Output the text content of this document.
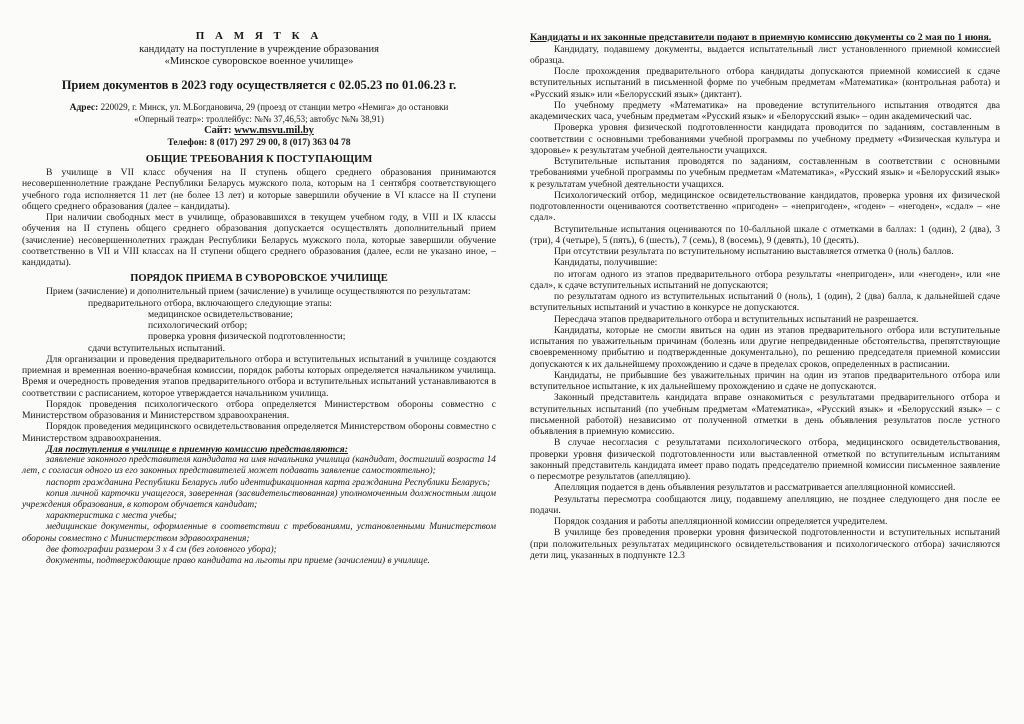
П А М Я Т К А
кандидату на поступление в учреждение образования
«Минское суворовское военное училище»
Прием документов в 2023 году осуществляется с 02.05.23 по 01.06.23 г.
Адрес: 220029, г. Минск, ул. М.Богдановича, 29 (проезд от станции метро «Немига» до остановки
«Оперный театр»: троллейбус: №№ 37,46,53; автобус №№ 38,91)
Сайт: www.msvu.mil.by
Телефон: 8 (017) 297 29 00, 8 (017) 363 04 78
ОБЩИЕ ТРЕБОВАНИЯ К ПОСТУПАЮЩИМ

В училище в VII класс обучения на II ступень общего среднего образования принимаются несовершеннолетние граждане Республики Беларусь мужского пола, которым на 1 сентября соответствующего учебного года исполняется 11 лет (не более 13 лет) и которые завершили обучение в VI классе на II ступени общего среднего образования (далее – кандидаты).

При наличии свободных мест в училище, образовавшихся в текущем учебном году, в VIII и IX классы обучения на II ступень общего среднего образования допускается осуществлять дополнительный прием (зачисление) несовершеннолетних граждан Республики Беларусь мужского пола, которые завершили обучение соответственно в VII и VIII классах на II ступени общего среднего образования (далее, если не указано иное, – кандидаты).

ПОРЯДОК ПРИЕМА В СУВОРОВСКОЕ УЧИЛИЩЕ

Прием (зачисление) и дополнительный прием (зачисление) в училище осуществляются по результатам:

предварительного отбора, включающего следующие этапы:

медицинское освидетельствование;

психологический отбор;

проверка уровня физической подготовленности;

сдачи вступительных испытаний.

Для организации и проведения предварительного отбора и вступительных испытаний в училище создаются приемная и временная военно-врачебная комиссии, порядок работы которых определяется начальником училища. Время и очередность проведения этапов предварительного отбора и вступительных испытаний устанавливаются в соответствии с расписанием, которое утверждается начальником училища.

Порядок проведения психологического отбора определяется Министерством обороны совместно с Министерством образования и Министерством здравоохранения.

Порядок проведения медицинского освидетельствования определяется Министерством обороны совместно с Министерством здравоохранения.

Для поступления в училище в приемную комиссию представляются:

заявление законного представителя кандидата на имя начальника училища (кандидат, достигший возраста 14 лет, с согласия одного из его законных представителей может подавать заявление самостоятельно);

паспорт гражданина Республики Беларусь либо идентификационная карта гражданина Республики Беларусь;

копия личной карточки учащегося, заверенная (засвидетельствованная) уполномоченным должностным лицом учреждения образования, в котором обучается кандидат;

характеристика с места учебы;

медицинские документы, оформленные в соответствии с требованиями, установленными Министерством обороны совместно с Министерством здравоохранения;

две фотографии размером 3 х 4 см (без головного убора);

документы, подтверждающие право кандидата на льготы при приеме (зачислении) в училище.

Кандидаты и их законные представители подают в приемную комиссию документы со 2 мая по 1 июня.

Кандидату, подавшему документы, выдается испытательный лист установленного приемной комиссией образца.

После прохождения предварительного отбора кандидаты допускаются приемной комиссией к сдаче вступительных испытаний в письменной форме по учебным предметам «Математика» (контрольная работа) и «Русский язык» или «Белорусский язык» (диктант).

По учебному предмету «Математика» на проведение вступительного испытания отводятся два академических часа, учебным предметам «Русский язык» и «Белорусский язык» – один академический час.

Проверка уровня физической подготовленности кандидата проводится по заданиям, составленным в соответствии с основными требованиями учебной программы по учебному предмету «Физическая культура и здоровье» к результатам учебной деятельности учащихся.

Вступительные испытания проводятся по заданиям, составленным в соответствии с основными требованиями учебной программы по учебным предметам «Математика», «Русский язык» и «Белорусский язык» к результатам учебной деятельности учащихся.

Психологический отбор, медицинское освидетельствование кандидатов, проверка уровня их физической подготовленности оцениваются соответственно «пригоден» – «непригоден», «годен» – «негоден», «сдал» – «не сдал».

Вступительные испытания оцениваются по 10-балльной шкале с отметками в баллах: 1 (один), 2 (два), 3 (три), 4 (четыре), 5 (пять), 6 (шесть), 7 (семь), 8 (восемь), 9 (девять), 10 (десять).

При отсутствии результата по вступительному испытанию выставляется отметка 0 (ноль) баллов.

Кандидаты, получившие:

по итогам одного из этапов предварительного отбора результаты «непригоден», или «негоден», или «не сдал», к сдаче вступительных испытаний не допускаются;

по результатам одного из вступительных испытаний 0 (ноль), 1 (один), 2 (два) балла, к дальнейшей сдаче вступительных испытаний и участию в конкурсе не допускаются.

Пересдача этапов предварительного отбора и вступительных испытаний не разрешается.

Кандидаты, которые не смогли явиться на один из этапов предварительного отбора или вступительные испытания по уважительным причинам (болезнь или другие непредвиденные обстоятельства, препятствующие своевременному прибытию и подтвержденные документально), по решению председателя приемной комиссии допускаются к их дальнейшему прохождению и сдаче в пределах сроков, определенных в расписании.

Кандидаты, не прибывшие без уважительных причин на один из этапов предварительного отбора или вступительное испытание, к их дальнейшему прохождению и сдаче не допускаются.

Законный представитель кандидата вправе ознакомиться с результатами предварительного отбора и вступительных испытаний (по учебным предметам «Математика», «Русский язык» и «Белорусский язык» – с письменной работой) независимо от полученной отметки в день объявления результатов после устного объявления в приемную комиссию.

В случае несогласия с результатами психологического отбора, медицинского освидетельствования, проверки уровня физической подготовленности или выставленной отметкой по вступительным испытаниям законный представитель кандидата имеет право подать председателю приемной комиссии письменное заявление о пересмотре результатов (апелляцию).

Апелляция подается в день объявления результатов и рассматривается апелляционной комиссией.

Результаты пересмотра сообщаются лицу, подавшему апелляцию, не позднее следующего дня после ее подачи.

Порядок создания и работы апелляционной комиссии определяется учредителем.

В училище без проведения проверки уровня физической подготовленности и вступительных испытаний (при положительных результатах медицинского освидетельствования и психологического отбора) зачисляются дети лиц, указанных в подпункте 12.3
